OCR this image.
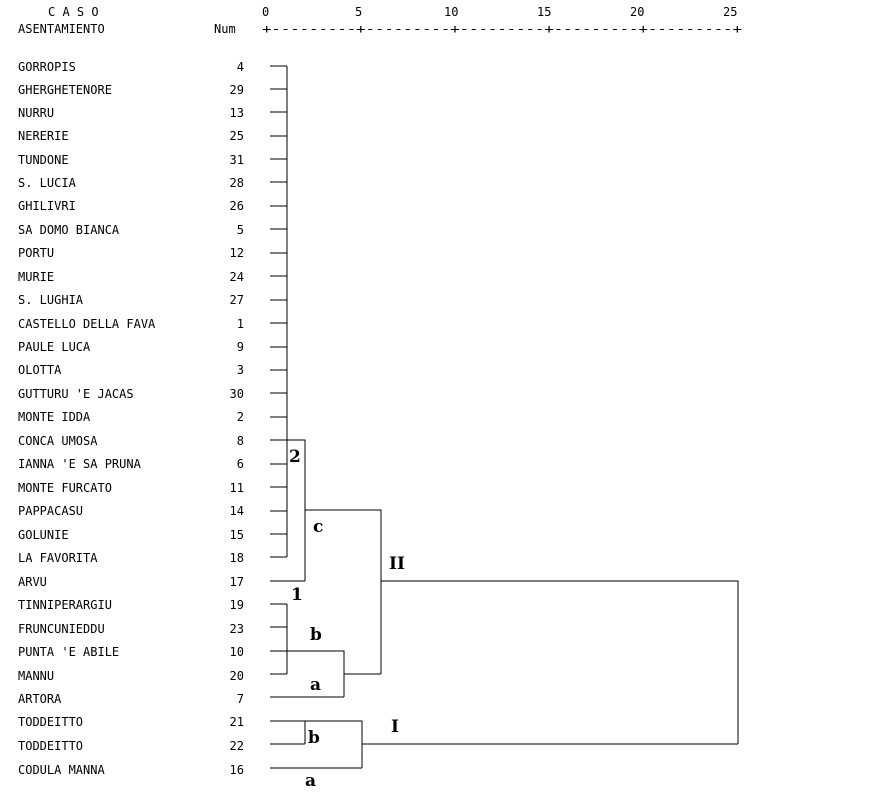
C A S O
ASENTAMIENTO	Num
0	5	10	15	20	25
+---------+---------+---------+---------+---------+
GORROPIS	4
GHERGHETENORE	29
NURRU	13
NERERIE	25
TUNDONE	31
S. LUCIA	28
GHILIVRI	26
SA DOMO BIANCA	5
PORTU	12
MURIE	24
S. LUGHIA	27
CASTELLO DELLA FAVA	1
PAULE LUCA	9
OLOTTA	3
GUTTURU 'E JACAS	30
MONTE IDDA	2
CONCA UMOSA	8
IANNA 'E SA PRUNA	6
MONTE FURCATO	11
PAPPACASU	14
GOLUNIE	15
LA FAVORITA	18
ARVU	17
TINNIPERARGIU	19
FRUNCUNIEDDU	23
PUNTA 'E ABILE	10
MANNU	20
ARTORA	7
TODDEITTO	21
TODDEITTO	22
CODULA MANNA	16
2
1
c
b
a
II
I
b
a
